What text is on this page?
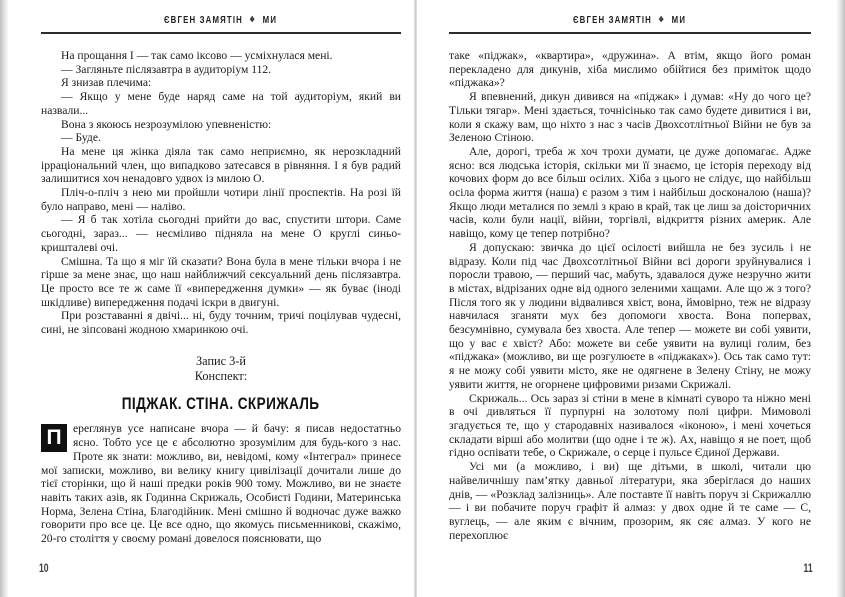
ЄВГЕН ЗАМЯТІН ❖ МИ

На прощання І — так само іксово — усміхнулася мені.

— Загляньте післязавтра в аудиторіум 112.

Я знизав плечима:

— Якщо у мене буде наряд саме на той аудиторіум, який ви назвали...

Вона з якоюсь незрозумілою упевненістю:

— Буде.

На мене ця жінка діяла так само неприємно, як нерозкладний ірраціональний член, що випадково затесався в рівняння. І я був радий залишитися хоч ненадовго удвох із милою О.

Пліч-о-пліч з нею ми пройшли чотири лінії проспектів. На розі їй було направо, мені — наліво.

— Я б так хотіла сьогодні прийти до вас, спустити штори. Саме сьогодні, зараз... — несміливо підняла на мене О круглі синьо-кришталеві очі.

Смішна. Та що я міг їй сказати? Вона була в мене тільки вчора і не гірше за мене знає, що наш найближчий сексуальний день післязавтра. Це просто все те ж саме її «випередження думки» — як буває (іноді шкідливе) випередження подачі іскри в двигуні.

При розставанні я двічі... ні, буду точним, тричі поцілував чудесні, сині, не зіпсовані жодною хмаринкою очі.

Запис 3-й
Конспект:
ПІДЖАК. СТІНА. СКРИЖАЛЬ

П ереглянув усе написане вчора — й бачу: я писав недостатньо ясно. Тобто усе це є абсолютно зрозумілим для будь-кого з нас. Проте як знати: можливо, ви, невідомі, кому «Інтеграл» принесе мої записки, можливо, ви велику книгу цивілізації дочитали лише до тієї сторінки, що й наші предки років 900 тому. Можливо, ви не знаєте навіть таких азів, як Годинна Скрижаль, Особисті Години, Материнська Норма, Зелена Стіна, Благодійник. Мені смішно й водночас дуже важко говорити про все це. Це все одно, що якомусь письменникові, скажімо, 20-го століття у своєму романі довелося пояснювати, що

10
ЄВГЕН ЗАМЯТІН ❖ МИ

таке «піджак», «квартира», «дружина». А втім, якщо його роман перекладено для дикунів, хіба мислимо обійтися без приміток щодо «піджака»?

Я впевнений, дикун дивився на «піджак» і думав: «Ну до чого це? Тільки тягар». Мені здається, точнісінько так само будете дивитися і ви, коли я скажу вам, що ніхто з нас з часів Двохсотлітньої Війни не був за Зеленою Стіною.

Але, дорогі, треба ж хоч трохи думати, це дуже допомагає. Адже ясно: вся людська історія, скільки ми її знаємо, це історія переходу від кочових форм до все більш осілих. Хіба з цього не слідує, що найбільш осіла форма життя (наша) є разом з тим і найбільш досконалою (наша)? Якщо люди металися по землі з краю в край, так це лиш за доісторичних часів, коли були нації, війни, торгівлі, відкриття різних америк. Але навіщо, кому це тепер потрібно?

Я допускаю: звичка до цієї осілості вийшла не без зусиль і не відразу. Коли під час Двохсотлітньої Війни всі дороги зруйнувалися і поросли травою, — перший час, мабуть, здавалося дуже незручно жити в містах, відрізаних одне від одного зеленими хащами. Але що ж з того? Після того як у людини відвалився хвіст, вона, ймовірно, теж не відразу навчилася зганяти мух без допомоги хвоста. Вона попервах, безсумнівно, сумувала без хвоста. Але тепер — можете ви собі уявити, що у вас є хвіст? Або: можете ви себе уявити на вулиці голим, без «піджака» (можливо, ви ще розгулюєте в «піджаках»). Ось так само тут: я не можу собі уявити місто, яке не одягнене в Зелену Стіну, не можу уявити життя, не огорнене цифровими ризами Скрижалі.

Скрижаль... Ось зараз зі стіни в мене в кімнаті суворо та ніжно мені в очі дивляться її пурпурні на золотому полі цифри. Мимоволі згадується те, що у стародавніх називалося «іконою», і мені хочеться складати вірші або молитви (що одне і те ж). Ах, навіщо я не поет, щоб гідно оспівати тебе, о Скрижале, о серце і пульсе Єдиної Держави.

Усі ми (а можливо, і ви) ще дітьми, в школі, читали цю найвеличнішу пам’ятку давньої літератури, яка зберіглася до наших днів, — «Розклад залізниць». Але поставте її навіть поруч зі Скрижаллю — і ви побачите поруч графіт й алмаз: у двох одне й те саме — С, вуглець, — але яким є вічним, прозорим, як сяє алмаз. У кого не перехоплює

11
